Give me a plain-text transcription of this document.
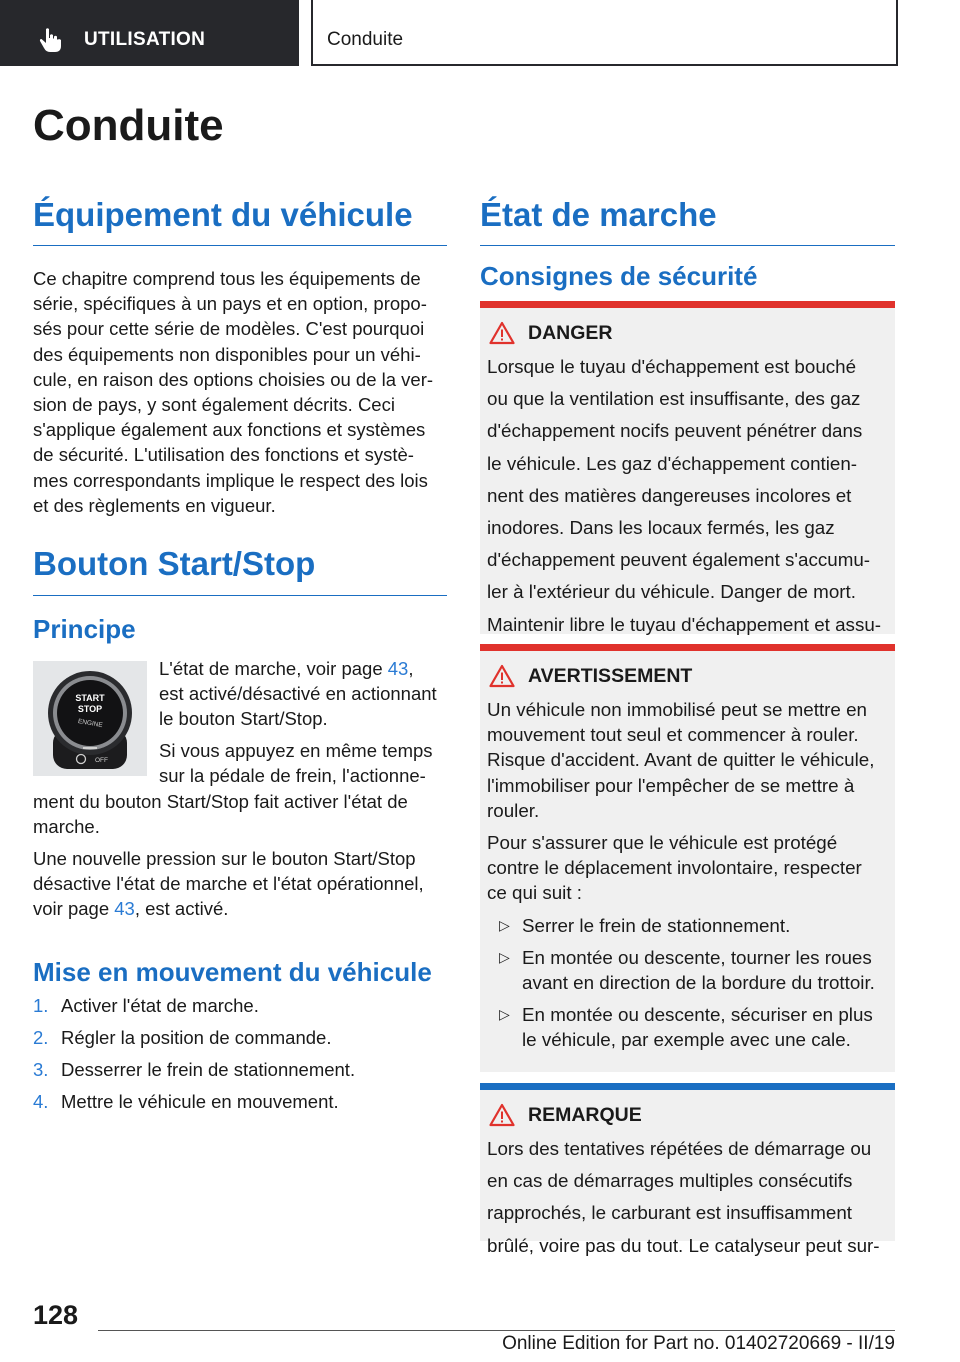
UTILISATION	Conduite
Conduite
Équipement du véhicule

Ce chapitre comprend tous les équipements de

série, spécifiques à un pays et en option, propo-

sés pour cette série de modèles. C'est pourquoi

des équipements non disponibles pour un véhi-

cule, en raison des options choisies ou de la ver-

sion de pays, y sont également décrits. Ceci

s'applique également aux fonctions et systèmes

de sécurité. L'utilisation des fonctions et systè-

mes correspondants implique le respect des lois

et des règlements en vigueur.

Bouton Start/Stop
Principe
START
STOP
ENGINE
OFF

L'état de marche, voir page 43,

est activé/désactivé en actionnant

le bouton Start/Stop.

Si vous appuyez en même temps

sur la pédale de frein, l'actionne-

ment du bouton Start/Stop fait activer l'état de

marche.

Une nouvelle pression sur le bouton Start/Stop

désactive l'état de marche et l'état opérationnel,

voir page 43, est activé.

Mise en mouvement du véhicule
1. Activer l'état de marche.
2. Régler la position de commande.
3. Desserrer le frein de stationnement.
4. Mettre le véhicule en mouvement.
État de marche
Consignes de sécurité
DANGER

Lorsque le tuyau d'échappement est bouché

ou que la ventilation est insuffisante, des gaz

d'échappement nocifs peuvent pénétrer dans

le véhicule. Les gaz d'échappement contien-

nent des matières dangereuses incolores et

inodores. Dans les locaux fermés, les gaz

d'échappement peuvent également s'accumu-

ler à l'extérieur du véhicule. Danger de mort.

Maintenir libre le tuyau d'échappement et assu-

AVERTISSEMENT

Un véhicule non immobilisé peut se mettre en

mouvement tout seul et commencer à rouler.

Risque d'accident. Avant de quitter le véhicule,

l'immobiliser pour l'empêcher de se mettre à

rouler.

Pour s'assurer que le véhicule est protégé

contre le déplacement involontaire, respecter

ce qui suit :

▷ Serrer le frein de stationnement.
▷ En montée ou descente, tourner les roues
avant en direction de la bordure du trottoir.
▷ En montée ou descente, sécuriser en plus
le véhicule, par exemple avec une cale.
REMARQUE

Lors des tentatives répétées de démarrage ou

en cas de démarrages multiples consécutifs

rapprochés, le carburant est insuffisamment

brûlé, voire pas du tout. Le catalyseur peut sur-

128
Online Edition for Part no. 01402720669 - II/19
